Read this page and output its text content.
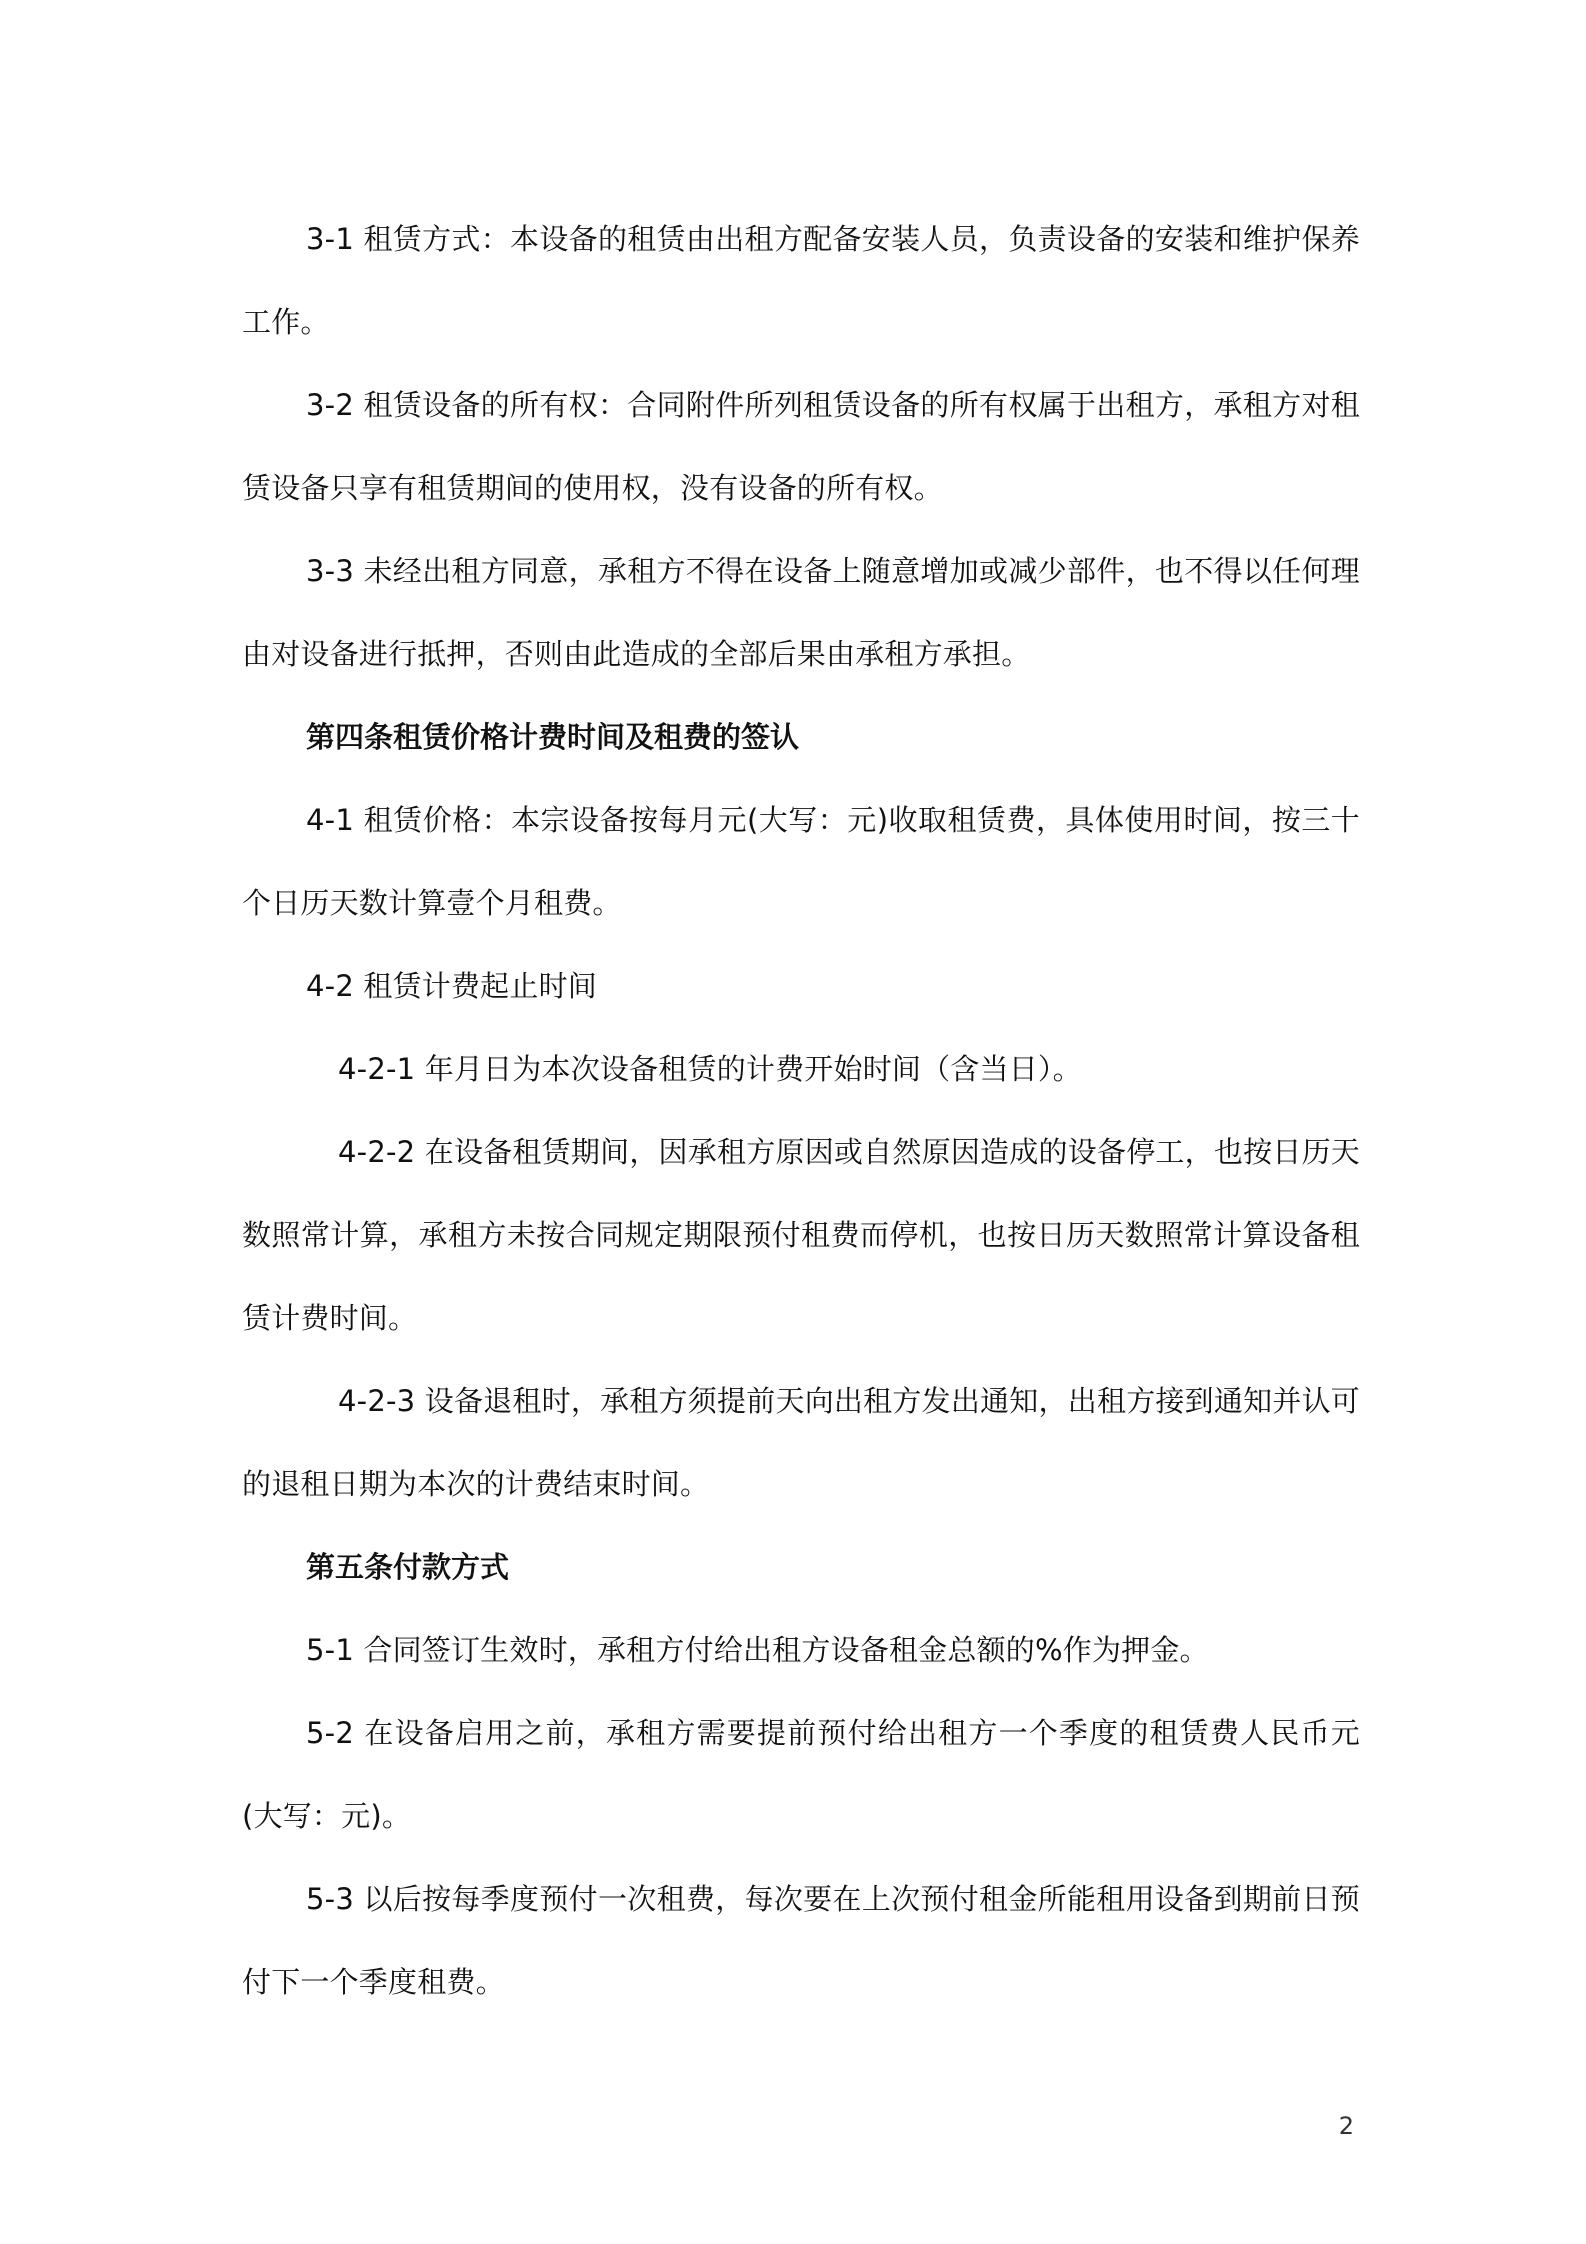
3-1 租赁方式：本设备的租赁由出租方配备安装人员，负责设备的安装和维护保养工作。

3-2 租赁设备的所有权：合同附件所列租赁设备的所有权属于出租方，承租方对租赁设备只享有租赁期间的使用权，没有设备的所有权。

3-3 未经出租方同意，承租方不得在设备上随意增加或减少部件，也不得以任何理由对设备进行抵押，否则由此造成的全部后果由承租方承担。

第四条租赁价格计费时间及租费的签认

4-1 租赁价格：本宗设备按每月元(大写：元)收取租赁费，具体使用时间，按三十个日历天数计算壹个月租费。

4-2 租赁计费起止时间

4-2-1 年月日为本次设备租赁的计费开始时间（含当日）。

4-2-2 在设备租赁期间，因承租方原因或自然原因造成的设备停工，也按日历天数照常计算，承租方未按合同规定期限预付租费而停机，也按日历天数照常计算设备租赁计费时间。

4-2-3 设备退租时，承租方须提前天向出租方发出通知，出租方接到通知并认可的退租日期为本次的计费结束时间。

第五条付款方式

5-1 合同签订生效时，承租方付给出租方设备租金总额的%作为押金。

5-2 在设备启用之前，承租方需要提前预付给出租方一个季度的租赁费人民币元(大写：元)。

5-3 以后按每季度预付一次租费，每次要在上次预付租金所能租用设备到期前日预付下一个季度租费。

2
